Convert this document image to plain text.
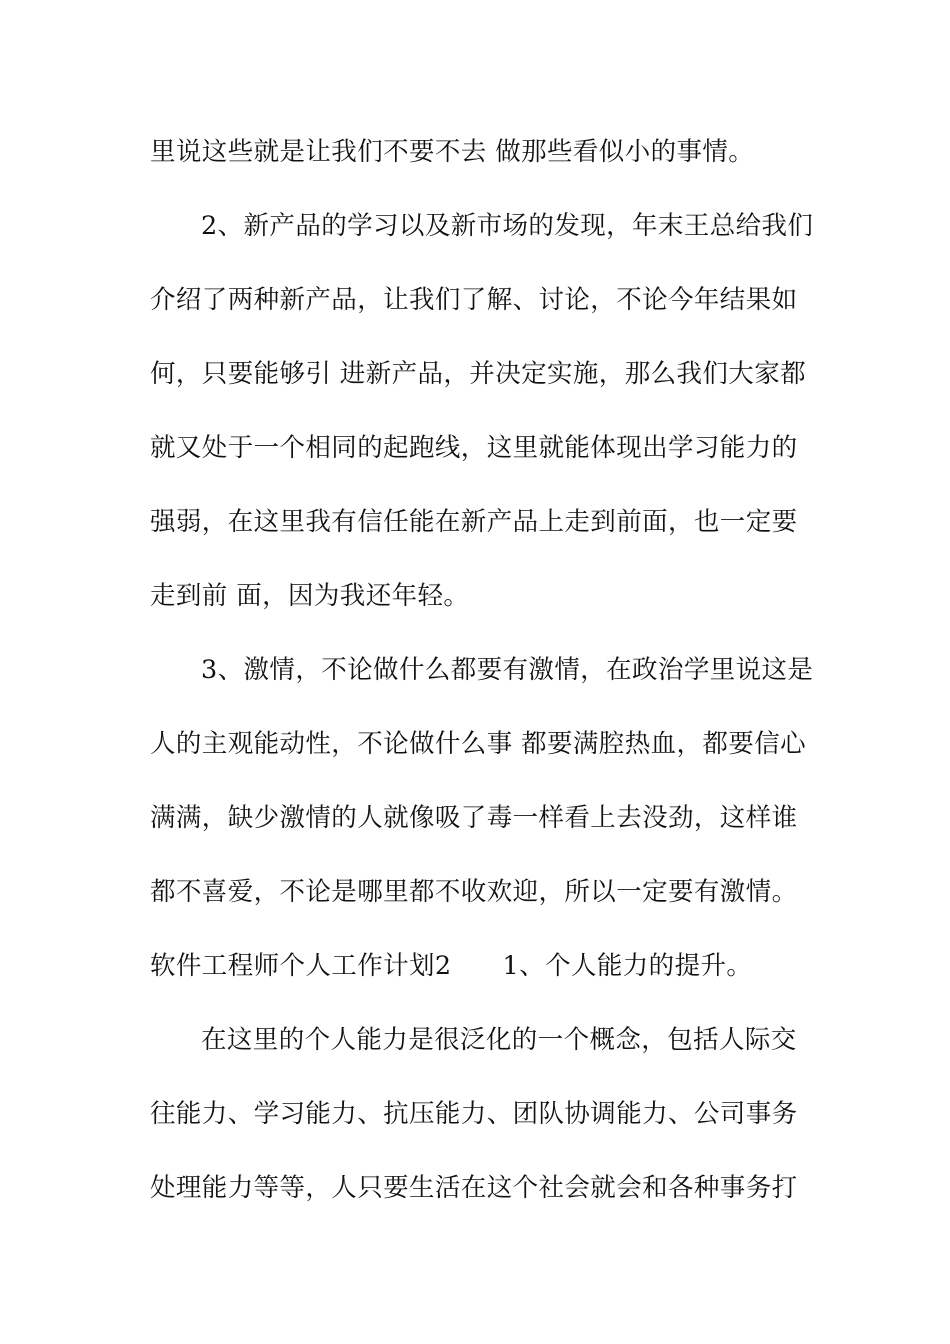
里说这些就是让我们不要不去 做那些看似小的事情。
2、新产品的学习以及新市场的发现，年末王总给我们
介绍了两种新产品，让我们了解、讨论，不论今年结果如
何，只要能够引 进新产品，并决定实施，那么我们大家都
就又处于一个相同的起跑线，这里就能体现出学习能力的
强弱，在这里我有信任能在新产品上走到前面，也一定要
走到前 面，因为我还年轻。
3、激情，不论做什么都要有激情，在政治学里说这是
人的主观能动性，不论做什么事 都要满腔热血，都要信心
满满，缺少激情的人就像吸了毒一样看上去没劲，这样谁
都不喜爱，不论是哪里都不收欢迎，所以一定要有激情。
软件工程师个人工作计划2      1、个人能力的提升。
在这里的个人能力是很泛化的一个概念，包括人际交
往能力、学习能力、抗压能力、团队协调能力、公司事务
处理能力等等，人只要生活在这个社会就会和各种事务打
